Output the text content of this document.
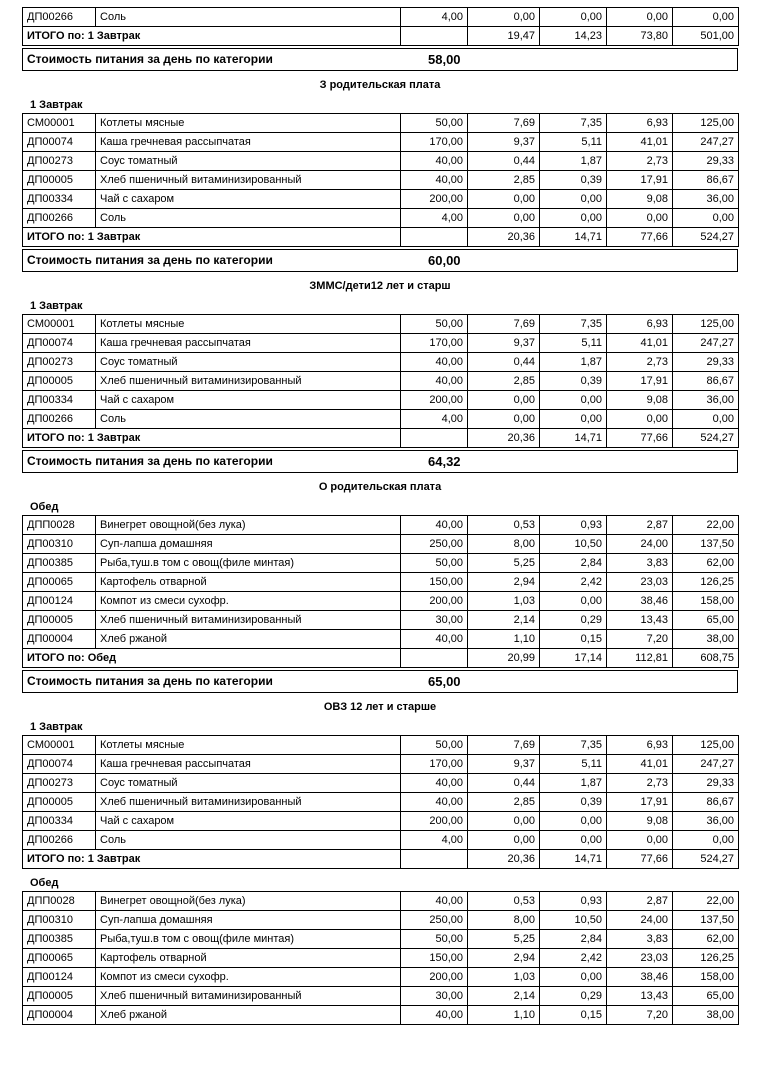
ДП00266	Соль	4,00	0,00	0,00	0,00	0,00
ИТОГО по: 1 Завтрак			19,47	14,23	73,80	501,00
Стоимость питания за день по категории	58,00
З родительская плата
1 Завтрак
СМ00001	Котлеты мясные	50,00	7,69	7,35	6,93	125,00
ДП00074	Каша гречневая рассыпчатая	170,00	9,37	5,11	41,01	247,27
ДП00273	Соус томатный	40,00	0,44	1,87	2,73	29,33
ДП00005	Хлеб пшеничный витаминизированный	40,00	2,85	0,39	17,91	86,67
ДП00334	Чай с сахаром	200,00	0,00	0,00	9,08	36,00
ДП00266	Соль	4,00	0,00	0,00	0,00	0,00
ИТОГО по: 1 Завтрак			20,36	14,71	77,66	524,27
Стоимость питания за день по категории	60,00
ЗММС/дети12 лет и старш
1 Завтрак
СМ00001	Котлеты мясные	50,00	7,69	7,35	6,93	125,00
ДП00074	Каша гречневая рассыпчатая	170,00	9,37	5,11	41,01	247,27
ДП00273	Соус томатный	40,00	0,44	1,87	2,73	29,33
ДП00005	Хлеб пшеничный витаминизированный	40,00	2,85	0,39	17,91	86,67
ДП00334	Чай с сахаром	200,00	0,00	0,00	9,08	36,00
ДП00266	Соль	4,00	0,00	0,00	0,00	0,00
ИТОГО по: 1 Завтрак			20,36	14,71	77,66	524,27
Стоимость питания за день по категории	64,32
О родительская плата
Обед
ДПП0028	Винегрет овощной(без лука)	40,00	0,53	0,93	2,87	22,00
ДП00310	Суп-лапша домашняя	250,00	8,00	10,50	24,00	137,50
ДП00385	Рыба,туш.в том с овощ(филе минтая)	50,00	5,25	2,84	3,83	62,00
ДП00065	Картофель отварной	150,00	2,94	2,42	23,03	126,25
ДП00124	Компот из смеси сухофр.	200,00	1,03	0,00	38,46	158,00
ДП00005	Хлеб пшеничный витаминизированный	30,00	2,14	0,29	13,43	65,00
ДП00004	Хлеб ржаной	40,00	1,10	0,15	7,20	38,00
ИТОГО по: Обед			20,99	17,14	112,81	608,75
Стоимость питания за день по категории	65,00
ОВЗ 12 лет и старше
1 Завтрак
СМ00001	Котлеты мясные	50,00	7,69	7,35	6,93	125,00
ДП00074	Каша гречневая рассыпчатая	170,00	9,37	5,11	41,01	247,27
ДП00273	Соус томатный	40,00	0,44	1,87	2,73	29,33
ДП00005	Хлеб пшеничный витаминизированный	40,00	2,85	0,39	17,91	86,67
ДП00334	Чай с сахаром	200,00	0,00	0,00	9,08	36,00
ДП00266	Соль	4,00	0,00	0,00	0,00	0,00
ИТОГО по: 1 Завтрак			20,36	14,71	77,66	524,27
Обед
ДПП0028	Винегрет овощной(без лука)	40,00	0,53	0,93	2,87	22,00
ДП00310	Суп-лапша домашняя	250,00	8,00	10,50	24,00	137,50
ДП00385	Рыба,туш.в том с овощ(филе минтая)	50,00	5,25	2,84	3,83	62,00
ДП00065	Картофель отварной	150,00	2,94	2,42	23,03	126,25
ДП00124	Компот из смеси сухофр.	200,00	1,03	0,00	38,46	158,00
ДП00005	Хлеб пшеничный витаминизированный	30,00	2,14	0,29	13,43	65,00
ДП00004	Хлеб ржаной	40,00	1,10	0,15	7,20	38,00
